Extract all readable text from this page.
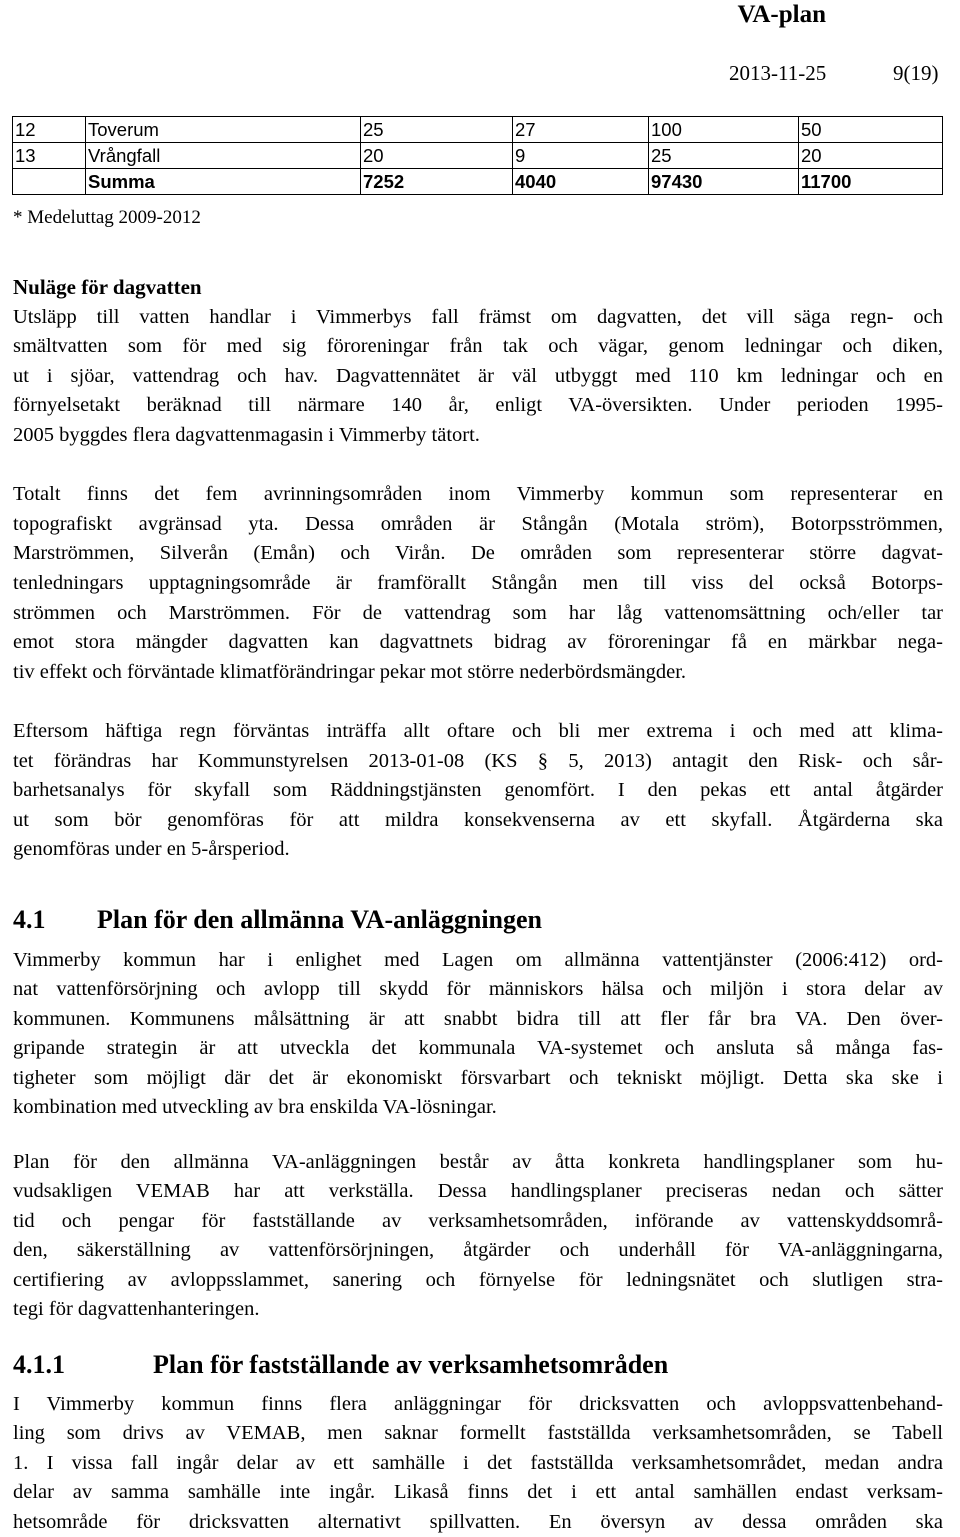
VA-plan
2013-11-25	9(19)
12	Toverum	25	27	100	50
13	Vrångfall	20	9	25	20
	Summa	7252	4040	97430	11700
* Medeluttag 2009-2012
Nuläge för dagvatten

Utsläpp till vatten handlar i Vimmerbys fall främst om dagvatten, det vill säga regn- och
smältvatten som för med sig föroreningar från tak och vägar, genom ledningar och diken,
ut i sjöar, vattendrag och hav. Dagvattennätet är väl utbyggt med 110 km ledningar och en
förnyelsetakt beräknad till närmare 140 år, enligt VA-översikten. Under perioden 1995-
2005 byggdes flera dagvattenmagasin i Vimmerby tätort.

Totalt finns det fem avrinningsområden inom Vimmerby kommun som representerar en
topografiskt avgränsad yta. Dessa områden är Stångån (Motala ström), Botorpsströmmen,
Marströmmen, Silverån (Emån) och Virån. De områden som representerar större dagvat-
tenledningars upptagningsområde är framförallt Stångån men till viss del också Botorps-
strömmen och Marströmmen. För de vattendrag som har låg vattenomsättning och/eller tar
emot stora mängder dagvatten kan dagvattnets bidrag av föroreningar få en märkbar nega-
tiv effekt och förväntade klimatförändringar pekar mot större nederbördsmängder.

Eftersom häftiga regn förväntas inträffa allt oftare och bli mer extrema i och med att klima-
tet förändras har Kommunstyrelsen 2013-01-08 (KS § 5, 2013) antagit den Risk- och sår-
barhetsanalys för skyfall som Räddningstjänsten genomfört. I den pekas ett antal åtgärder
ut som bör genomföras för att mildra konsekvenserna av ett skyfall. Åtgärderna ska
genomföras under en 5-årsperiod.

4.1 Plan för den allmänna VA-anläggningen
Vimmerby kommun har i enlighet med Lagen om allmänna vattentjänster (2006:412) ord-
nat vattenförsörjning och avlopp till skydd för människors hälsa och miljön i stora delar av
kommunen. Kommunens målsättning är att snabbt bidra till att fler får bra VA. Den över-
gripande strategin är att utveckla det kommunala VA-systemet och ansluta så många fas-
tigheter som möjligt där det är ekonomiskt försvarbart och tekniskt möjligt. Detta ska ske i
kombination med utveckling av bra enskilda VA-lösningar.
Plan för den allmänna VA-anläggningen består av åtta konkreta handlingsplaner som hu-
vudsakligen VEMAB har att verkställa. Dessa handlingsplaner preciseras nedan och sätter
tid och pengar för fastställande av verksamhetsområden, införande av vattenskyddsområ-
den, säkerställning av vattenförsörjningen, åtgärder och underhåll för VA-anläggningarna,
certifiering av avloppsslammet, sanering och förnyelse för ledningsnätet och slutligen stra-
tegi för dagvattenhanteringen.
4.1.1	Plan för fastställande av verksamhetsområden
I Vimmerby kommun finns flera anläggningar för dricksvatten och avloppsvattenbehand-
ling som drivs av VEMAB, men saknar formellt fastställda verksamhetsområden, se Tabell
1. I vissa fall ingår delar av ett samhälle i det fastställda verksamhetsområdet, medan andra
delar av samma samhälle inte ingår. Likaså finns det i ett antal samhällen endast verksam-
hetsområde för dricksvatten alternativt spillvatten. En översyn av dessa områden ska
